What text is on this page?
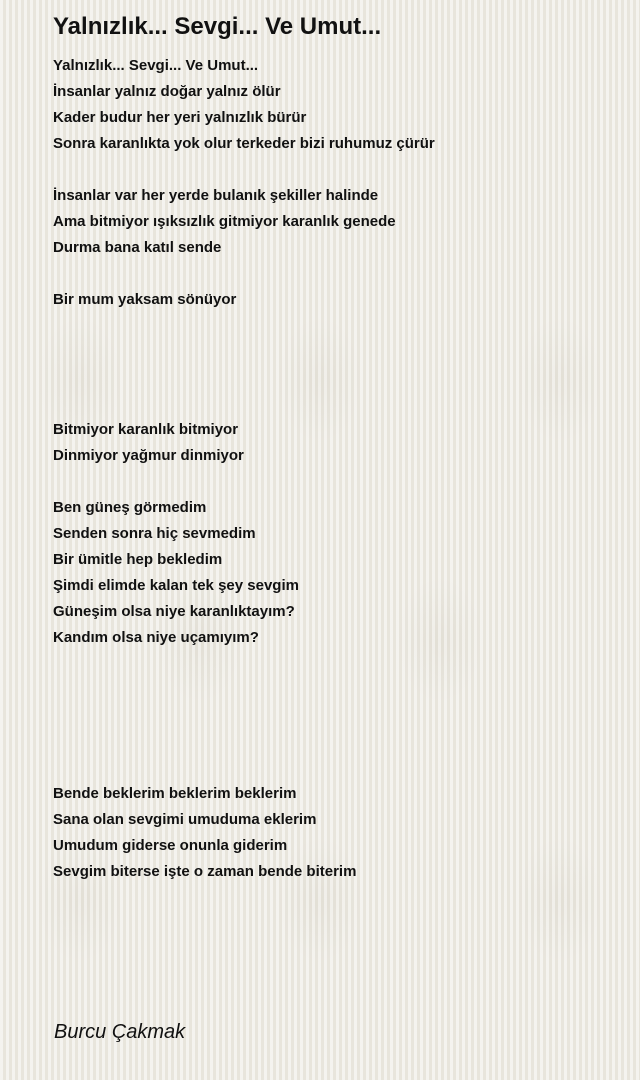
Yalnızlık... Sevgi... Ve Umut...
Yalnızlık... Sevgi... Ve Umut...
İnsanlar yalnız doğar yalnız ölür
Kader budur her yeri yalnızlık bürür
Sonra karanlıkta yok olur terkeder bizi ruhumuz çürür
İnsanlar var her yerde bulanık şekiller halinde
Ama bitmiyor ışıksızlık gitmiyor karanlık genede
Durma bana katıl sende
Bir mum yaksam sönüyor
Bitmiyor karanlık bitmiyor
Dinmiyor yağmur dinmiyor
Ben güneş görmedim
Senden sonra hiç sevmedim
Bir ümitle hep bekledim
Şimdi elimde kalan tek şey sevgim
Güneşim olsa niye karanlıktayım?
Kandım olsa niye uçamıyım?
Bende beklerim beklerim beklerim
Sana olan sevgimi umuduma eklerim
Umudum giderse onunla giderim
Sevgim biterse işte o zaman bende biterim
Burcu Çakmak
